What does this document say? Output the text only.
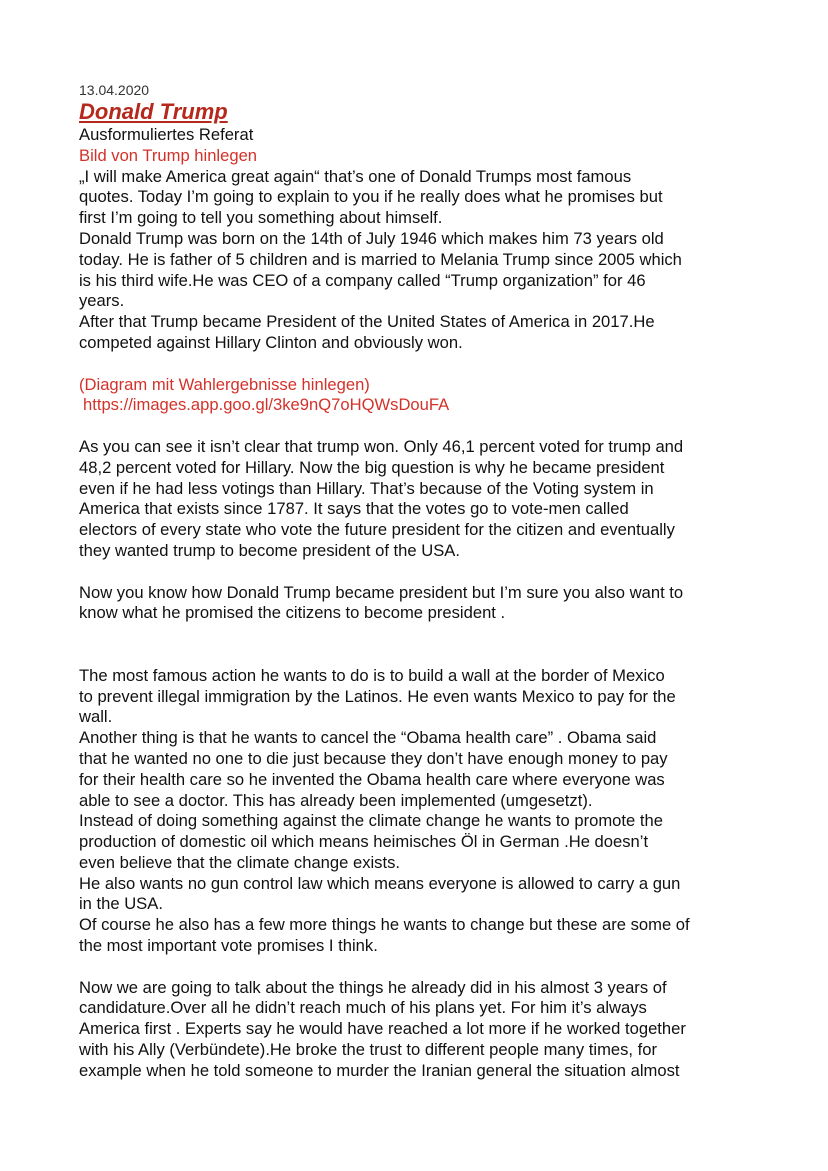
13.04.2020
Donald Trump
Ausformuliertes Referat
Bild von Trump hinlegen

„I will make America great again“ that’s one of Donald Trumps most famous
quotes. Today I’m going to explain to you if he really does what he promises but
first I’m going to tell you something about himself.
Donald Trump was born on the 14th of July 1946 which makes him 73 years old
today. He is father of 5 children and is married to Melania Trump since 2005 which
is his third wife.He was CEO of a company called “Trump organization” for 46
years.
After that Trump became President of the United States of America in 2017.He
competed against Hillary Clinton and obviously won.

(Diagram mit Wahlergebnisse hinlegen)
https://images.app.goo.gl/3ke9nQ7oHQWsDouFA

As you can see it isn’t clear that trump won. Only 46,1 percent voted for trump and
48,2 percent voted for Hillary. Now the big question is why he became president
even if he had less votings than Hillary. That’s because of the Voting system in
America that exists since 1787. It says that the votes go to vote-men called
electors of every state who vote the future president for the citizen and eventually
they wanted trump to become president of the USA.

Now you know how Donald Trump became president but I’m sure you also want to
know what he promised the citizens to become president .

The most famous action he wants to do is to build a wall at the border of Mexico
to prevent illegal immigration by the Latinos. He even wants Mexico to pay for the
wall.
Another thing is that he wants to cancel the “Obama health care” . Obama said
that he wanted no one to die just because they don’t have enough money to pay
for their health care so he invented the Obama health care where everyone was
able to see a doctor. This has already been implemented (umgesetzt).
Instead of doing something against the climate change he wants to promote the
production of domestic oil which means heimisches Öl in German .He doesn’t
even believe that the climate change exists.
He also wants no gun control law which means everyone is allowed to carry a gun
in the USA.
Of course he also has a few more things he wants to change but these are some of
the most important vote promises I think.

Now we are going to talk about the things he already did in his almost 3 years of
candidature.Over all he didn’t reach much of his plans yet. For him it’s always
America first . Experts say he would have reached a lot more if he worked together
with his Ally (Verbündete).He broke the trust to different people many times, for
example when he told someone to murder the Iranian general the situation almost
